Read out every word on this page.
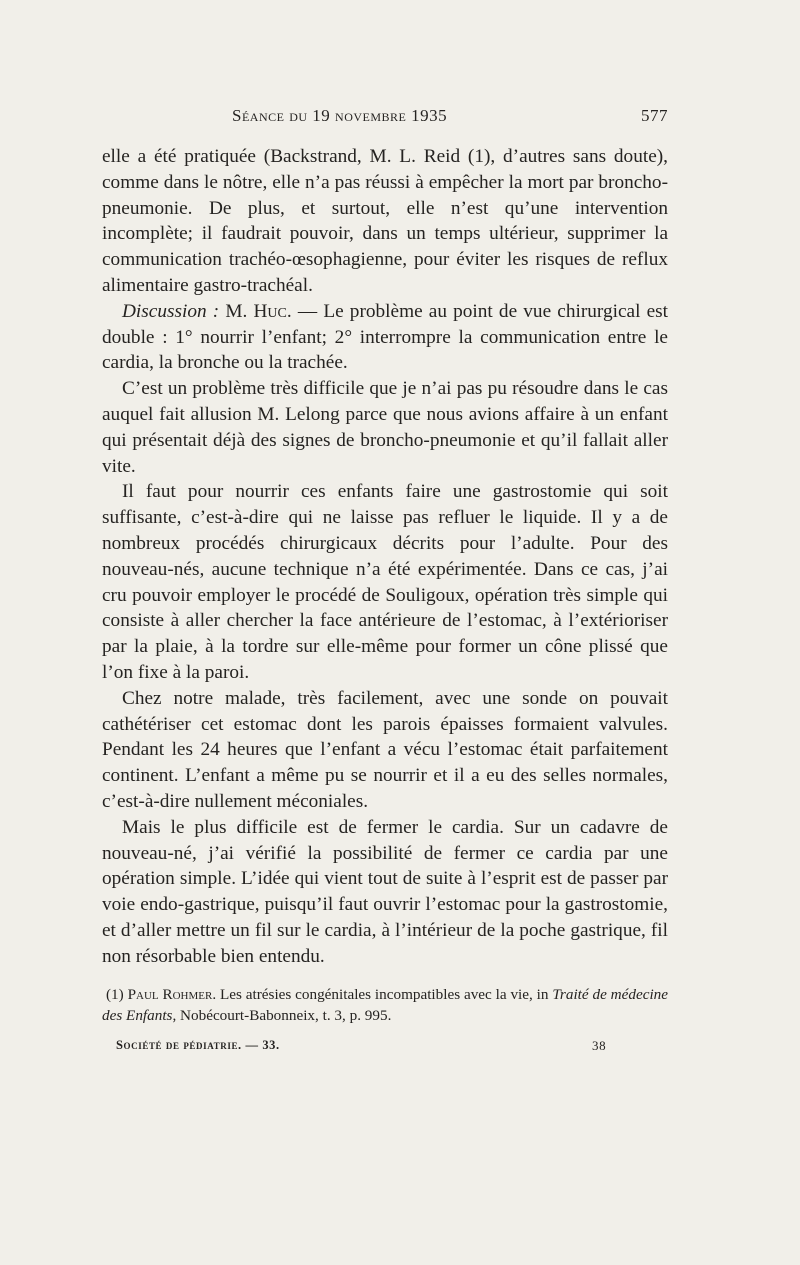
Séance du 19 novembre 1935	577

elle a été pratiquée (Backstrand, M. L. Reid (1), d’autres sans doute), comme dans le nôtre, elle n’a pas réussi à empêcher la mort par broncho-pneumonie. De plus, et surtout, elle n’est qu’une intervention incomplète; il faudrait pouvoir, dans un temps ultérieur, supprimer la communication trachéo-œsophagienne, pour éviter les risques de reflux alimentaire gastro-trachéal.

Discussion : M. Huc. — Le problème au point de vue chirurgical est double : 1° nourrir l’enfant; 2° interrompre la communication entre le cardia, la bronche ou la trachée.

C’est un problème très difficile que je n’ai pas pu résoudre dans le cas auquel fait allusion M. Lelong parce que nous avions affaire à un enfant qui présentait déjà des signes de broncho-pneumonie et qu’il fallait aller vite.

Il faut pour nourrir ces enfants faire une gastrostomie qui soit suffisante, c’est-à-dire qui ne laisse pas refluer le liquide. Il y a de nombreux procédés chirurgicaux décrits pour l’adulte. Pour des nouveau-nés, aucune technique n’a été expérimentée. Dans ce cas, j’ai cru pouvoir employer le procédé de Souligoux, opération très simple qui consiste à aller chercher la face antérieure de l’estomac, à l’extérioriser par la plaie, à la tordre sur elle-même pour former un cône plissé que l’on fixe à la paroi.

Chez notre malade, très facilement, avec une sonde on pouvait cathétériser cet estomac dont les parois épaisses formaient valvules. Pendant les 24 heures que l’enfant a vécu l’estomac était parfaitement continent. L’enfant a même pu se nourrir et il a eu des selles normales, c’est-à-dire nullement méconiales.

Mais le plus difficile est de fermer le cardia. Sur un cadavre de nouveau-né, j’ai vérifié la possibilité de fermer ce cardia par une opération simple. L’idée qui vient tout de suite à l’esprit est de passer par voie endo-gastrique, puisqu’il faut ouvrir l’estomac pour la gastrostomie, et d’aller mettre un fil sur le cardia, à l’intérieur de la poche gastrique, fil non résorbable bien entendu.

(1) Paul Rohmer. Les atrésies congénitales incompatibles avec la vie, in Traité de médecine des Enfants, Nobécourt-Babonneix, t. 3, p. 995.
Société de pédiatrie. — 33.	38
